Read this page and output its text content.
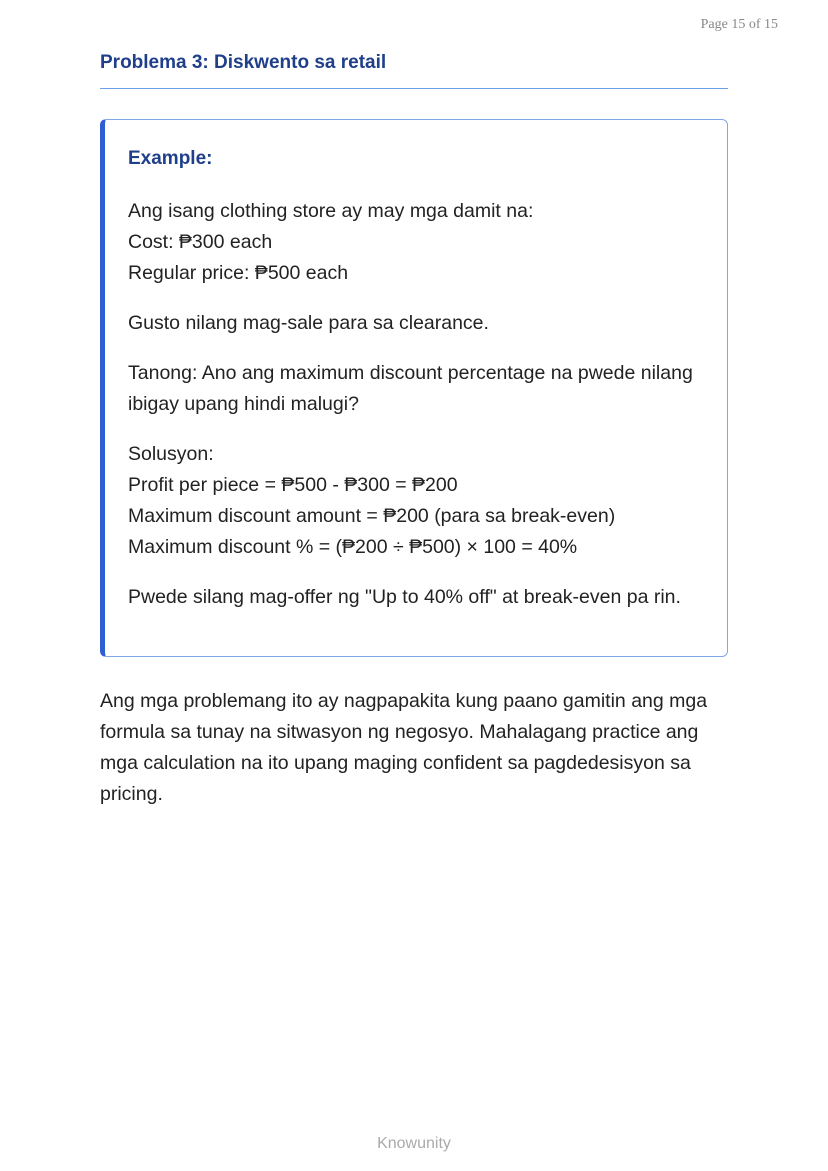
Page 15 of 15
Problema 3: Diskwento sa retail
Example:

Ang isang clothing store ay may mga damit na:
Cost: ₱300 each
Regular price: ₱500 each

Gusto nilang mag-sale para sa clearance.

Tanong: Ano ang maximum discount percentage na pwede nilang ibigay upang hindi malugi?

Solusyon:
Profit per piece = ₱500 - ₱300 = ₱200
Maximum discount amount = ₱200 (para sa break-even)
Maximum discount % = (₱200 ÷ ₱500) × 100 = 40%

Pwede silang mag-offer ng "Up to 40% off" at break-even pa rin.

Ang mga problemang ito ay nagpapakita kung paano gamitin ang mga formula sa tunay na sitwasyon ng negosyo. Mahalagang practice ang mga calculation na ito upang maging confident sa pagdedesisyon sa pricing.

Knowunity
